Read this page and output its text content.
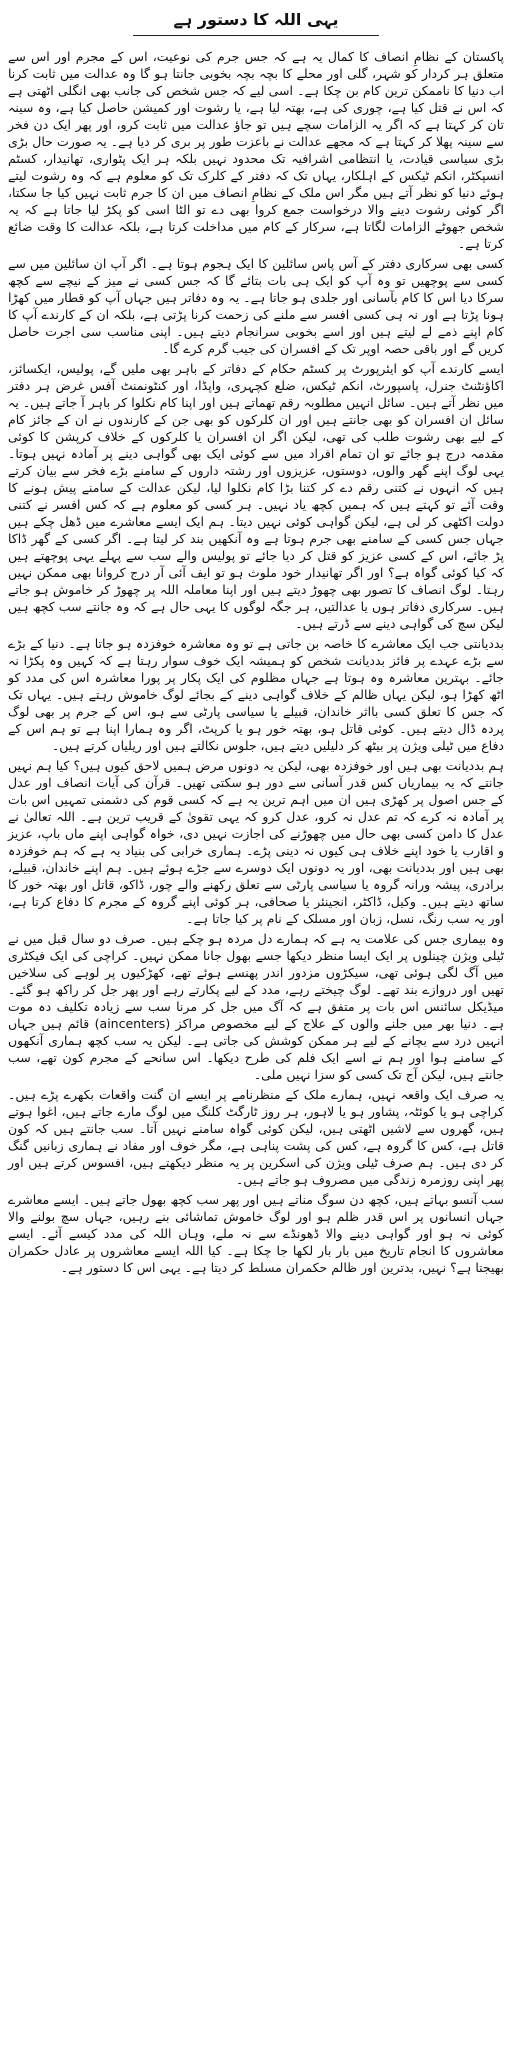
یہی اللہ کا دستور ہے

پاکستان کے نظامِ انصاف کا کمال یہ ہے کہ جس جرم کی نوعیت، اس کے مجرم اور اس سے متعلق ہر کردار کو شہر، گلی اور محلے کا بچہ بچہ بخوبی جانتا ہو گا وہ عدالت میں ثابت کرنا اب دنیا کا ناممکن ترین کام بن چکا ہے۔ اسی لیے کہ جس شخص کی جانب بھی انگلی اٹھتی ہے کہ اس نے قتل کیا ہے، چوری کی ہے، بھتہ لیا ہے، یا رشوت اور کمیشن حاصل کیا ہے، وہ سینہ تان کر کہتا ہے کہ اگر یہ الزامات سچے ہیں تو جاؤ عدالت میں ثابت کرو، اور پھر ایک دن فخر سے سینہ پھلا کر کہتا ہے کہ مجھے عدالت نے باعزت طور پر بری کر دیا ہے۔ یہ صورت حال بڑی بڑی سیاسی قیادت، یا انتظامی اشرافیہ تک محدود نہیں بلکہ ہر ایک پٹواری، تھانیدار، کسٹم انسپکٹر، انکم ٹیکس کے اہلکار، یہاں تک کہ دفتر کے کلرک تک کو معلوم ہے کہ وہ رشوت لیتے ہوئے دنیا کو نظر آتے ہیں مگر اس ملک کے نظامِ انصاف میں ان کا جرم ثابت نہیں کیا جا سکتا، اگر کوئی رشوت دینے والا درخواست جمع کروا بھی دے تو الٹا اسی کو پکڑ لیا جاتا ہے کہ یہ شخص جھوٹے الزامات لگاتا ہے، سرکار کے کام میں مداخلت کرتا ہے، بلکہ عدالت کا وقت ضائع کرتا ہے۔

کسی بھی سرکاری دفتر کے آس پاس سائلین کا ایک ہجوم ہوتا ہے۔ اگر آپ ان سائلین میں سے کسی سے پوچھیں تو وہ آپ کو ایک ہی بات بتائے گا کہ جس کسی نے میز کے نیچے سے کچھ سرکا دیا اس کا کام بآسانی اور جلدی ہو جاتا ہے۔ یہ وہ دفاتر ہیں جہاں آپ کو قطار میں کھڑا ہونا پڑتا ہے اور نہ ہی کسی افسر سے ملنے کی زحمت کرنا پڑتی ہے، بلکہ ان کے کارندے آپ کا کام اپنے ذمے لے لیتے ہیں اور اسے بخوبی سرانجام دیتے ہیں۔ اپنی مناسب سی اجرت حاصل کریں گے اور باقی حصہ اوپر تک کے افسران کی جیب گرم کرے گا۔

ایسے کارندے آپ کو ایئرپورٹ پر کسٹم حکام کے دفاتر کے باہر بھی ملیں گے، پولیس، ایکسائز، اکاؤنٹنٹ جنرل، پاسپورٹ، انکم ٹیکس، ضلع کچہری، واپڈا، اور کنٹونمنٹ آفس غرض ہر دفتر میں نظر آتے ہیں۔ سائل انہیں مطلوبہ رقم تھماتے ہیں اور اپنا کام نکلوا کر باہر آ جاتے ہیں۔ یہ سائل ان افسران کو بھی جانتے ہیں اور ان کلرکوں کو بھی جن کے کارندوں نے ان کے جائز کام کے لیے بھی رشوت طلب کی تھی، لیکن اگر ان افسران یا کلرکوں کے خلاف کرپشن کا کوئی مقدمہ درج ہو جائے تو ان تمام افراد میں سے کوئی ایک بھی گواہی دینے پر آمادہ نہیں ہوتا۔ یہی لوگ اپنے گھر والوں، دوستوں، عزیزوں اور رشتہ داروں کے سامنے بڑے فخر سے بیان کرتے ہیں کہ انہوں نے کتنی رقم دے کر کتنا بڑا کام نکلوا لیا، لیکن عدالت کے سامنے پیش ہونے کا وقت آئے تو کہتے ہیں کہ ہمیں کچھ یاد نہیں۔ ہر کسی کو معلوم ہے کہ کس افسر نے کتنی دولت اکٹھی کر لی ہے، لیکن گواہی کوئی نہیں دیتا۔ ہم ایک ایسے معاشرے میں ڈھل چکے ہیں جہاں جس کسی کے سامنے بھی جرم ہوتا ہے وہ آنکھیں بند کر لیتا ہے۔ اگر کسی کے گھر ڈاکا پڑ جائے، اس کے کسی عزیز کو قتل کر دیا جائے تو پولیس والے سب سے پہلے یہی پوچھتے ہیں کہ کیا کوئی گواہ ہے؟ اور اگر تھانیدار خود ملوث ہو تو ایف آئی آر درج کروانا بھی ممکن نہیں رہتا۔ لوگ انصاف کا تصور بھی چھوڑ دیتے ہیں اور اپنا معاملہ اللہ پر چھوڑ کر خاموش ہو جاتے ہیں۔ سرکاری دفاتر ہوں یا عدالتیں، ہر جگہ لوگوں کا یہی حال ہے کہ وہ جانتے سب کچھ ہیں لیکن سچ کی گواہی دینے سے ڈرتے ہیں۔

بددیانتی جب ایک معاشرے کا خاصہ بن جاتی ہے تو وہ معاشرہ خوفزدہ ہو جاتا ہے۔ دنیا کے بڑے سے بڑے عہدے پر فائز بددیانت شخص کو ہمیشہ ایک خوف سوار رہتا ہے کہ کہیں وہ پکڑا نہ جائے۔ بہترین معاشرہ وہ ہوتا ہے جہاں مظلوم کی ایک پکار پر پورا معاشرہ اس کی مدد کو اٹھ کھڑا ہو، لیکن یہاں ظالم کے خلاف گواہی دینے کے بجائے لوگ خاموش رہتے ہیں۔ یہاں تک کہ جس کا تعلق کسی بااثر خاندان، قبیلے یا سیاسی پارٹی سے ہو، اس کے جرم پر بھی لوگ پردہ ڈال دیتے ہیں۔ کوئی قاتل ہو، بھتہ خور ہو یا کرپٹ، اگر وہ ہمارا اپنا ہے تو ہم اس کے دفاع میں ٹیلی ویژن پر بیٹھ کر دلیلیں دیتے ہیں، جلوس نکالتے ہیں اور ریلیاں کرتے ہیں۔

ہم بددیانت بھی ہیں اور خوفزدہ بھی، لیکن یہ دونوں مرض ہمیں لاحق کیوں ہیں؟ کیا ہم نہیں جانتے کہ یہ بیماریاں کس قدر آسانی سے دور ہو سکتی تھیں۔ قرآن کی آیات انصاف اور عدل کے جس اصول پر کھڑی ہیں ان میں اہم ترین یہ ہے کہ کسی قوم کی دشمنی تمہیں اس بات پر آمادہ نہ کرے کہ تم عدل نہ کرو، عدل کرو کہ یہی تقویٰ کے قریب ترین ہے۔ اللہ تعالیٰ نے عدل کا دامن کسی بھی حال میں چھوڑنے کی اجازت نہیں دی، خواہ گواہی اپنے ماں باپ، عزیز و اقارب یا خود اپنے خلاف ہی کیوں نہ دینی پڑے۔ ہماری خرابی کی بنیاد یہ ہے کہ ہم خوفزدہ بھی ہیں اور بددیانت بھی، اور یہ دونوں ایک دوسرے سے جڑے ہوئے ہیں۔ ہم اپنے خاندان، قبیلے، برادری، پیشہ ورانہ گروہ یا سیاسی پارٹی سے تعلق رکھنے والے چور، ڈاکو، قاتل اور بھتہ خور کا ساتھ دیتے ہیں۔ وکیل، ڈاکٹر، انجینئر یا صحافی، ہر کوئی اپنے گروہ کے مجرم کا دفاع کرتا ہے، اور یہ سب رنگ، نسل، زبان اور مسلک کے نام پر کیا جاتا ہے۔

وہ بیماری جس کی علامت یہ ہے کہ ہمارے دل مردہ ہو چکے ہیں۔ صرف دو سال قبل میں نے ٹیلی ویژن چینلوں پر ایک ایسا منظر دیکھا جسے بھول جانا ممکن نہیں۔ کراچی کی ایک فیکٹری میں آگ لگی ہوئی تھی، سیکڑوں مزدور اندر پھنسے ہوئے تھے، کھڑکیوں پر لوہے کی سلاخیں تھیں اور دروازے بند تھے۔ لوگ چیختے رہے، مدد کے لیے پکارتے رہے اور پھر جل کر راکھ ہو گئے۔ میڈیکل سائنس اس بات پر متفق ہے کہ آگ میں جل کر مرنا سب سے زیادہ تکلیف دہ موت ہے۔ دنیا بھر میں جلنے والوں کے علاج کے لیے مخصوص مراکز (aincenters) قائم ہیں جہاں انہیں درد سے بچانے کے لیے ہر ممکن کوشش کی جاتی ہے۔ لیکن یہ سب کچھ ہماری آنکھوں کے سامنے ہوا اور ہم نے اسے ایک فلم کی طرح دیکھا۔ اس سانحے کے مجرم کون تھے، سب جانتے ہیں، لیکن آج تک کسی کو سزا نہیں ملی۔

یہ صرف ایک واقعہ نہیں، ہمارے ملک کے منظرنامے پر ایسے ان گنت واقعات بکھرے پڑے ہیں۔ کراچی ہو یا کوئٹہ، پشاور ہو یا لاہور، ہر روز ٹارگٹ کلنگ میں لوگ مارے جاتے ہیں، اغوا ہوتے ہیں، گھروں سے لاشیں اٹھتی ہیں، لیکن کوئی گواہ سامنے نہیں آتا۔ سب جانتے ہیں کہ کون قاتل ہے، کس کا گروہ ہے، کس کی پشت پناہی ہے، مگر خوف اور مفاد نے ہماری زبانیں گنگ کر دی ہیں۔ ہم صرف ٹیلی ویژن کی اسکرین پر یہ منظر دیکھتے ہیں، افسوس کرتے ہیں اور پھر اپنی روزمرہ زندگی میں مصروف ہو جاتے ہیں۔

سب آنسو بہاتے ہیں، کچھ دن سوگ مناتے ہیں اور پھر سب کچھ بھول جاتے ہیں۔ ایسے معاشرے جہاں انسانوں پر اس قدر ظلم ہو اور لوگ خاموش تماشائی بنے رہیں، جہاں سچ بولنے والا کوئی نہ ہو اور گواہی دینے والا ڈھونڈے سے نہ ملے، وہاں اللہ کی مدد کیسے آئے۔ ایسے معاشروں کا انجام تاریخ میں بار بار لکھا جا چکا ہے۔ کیا اللہ ایسے معاشروں پر عادل حکمران بھیجتا ہے؟ نہیں، بدترین اور ظالم حکمران مسلط کر دیتا ہے۔ یہی اس کا دستور ہے۔
